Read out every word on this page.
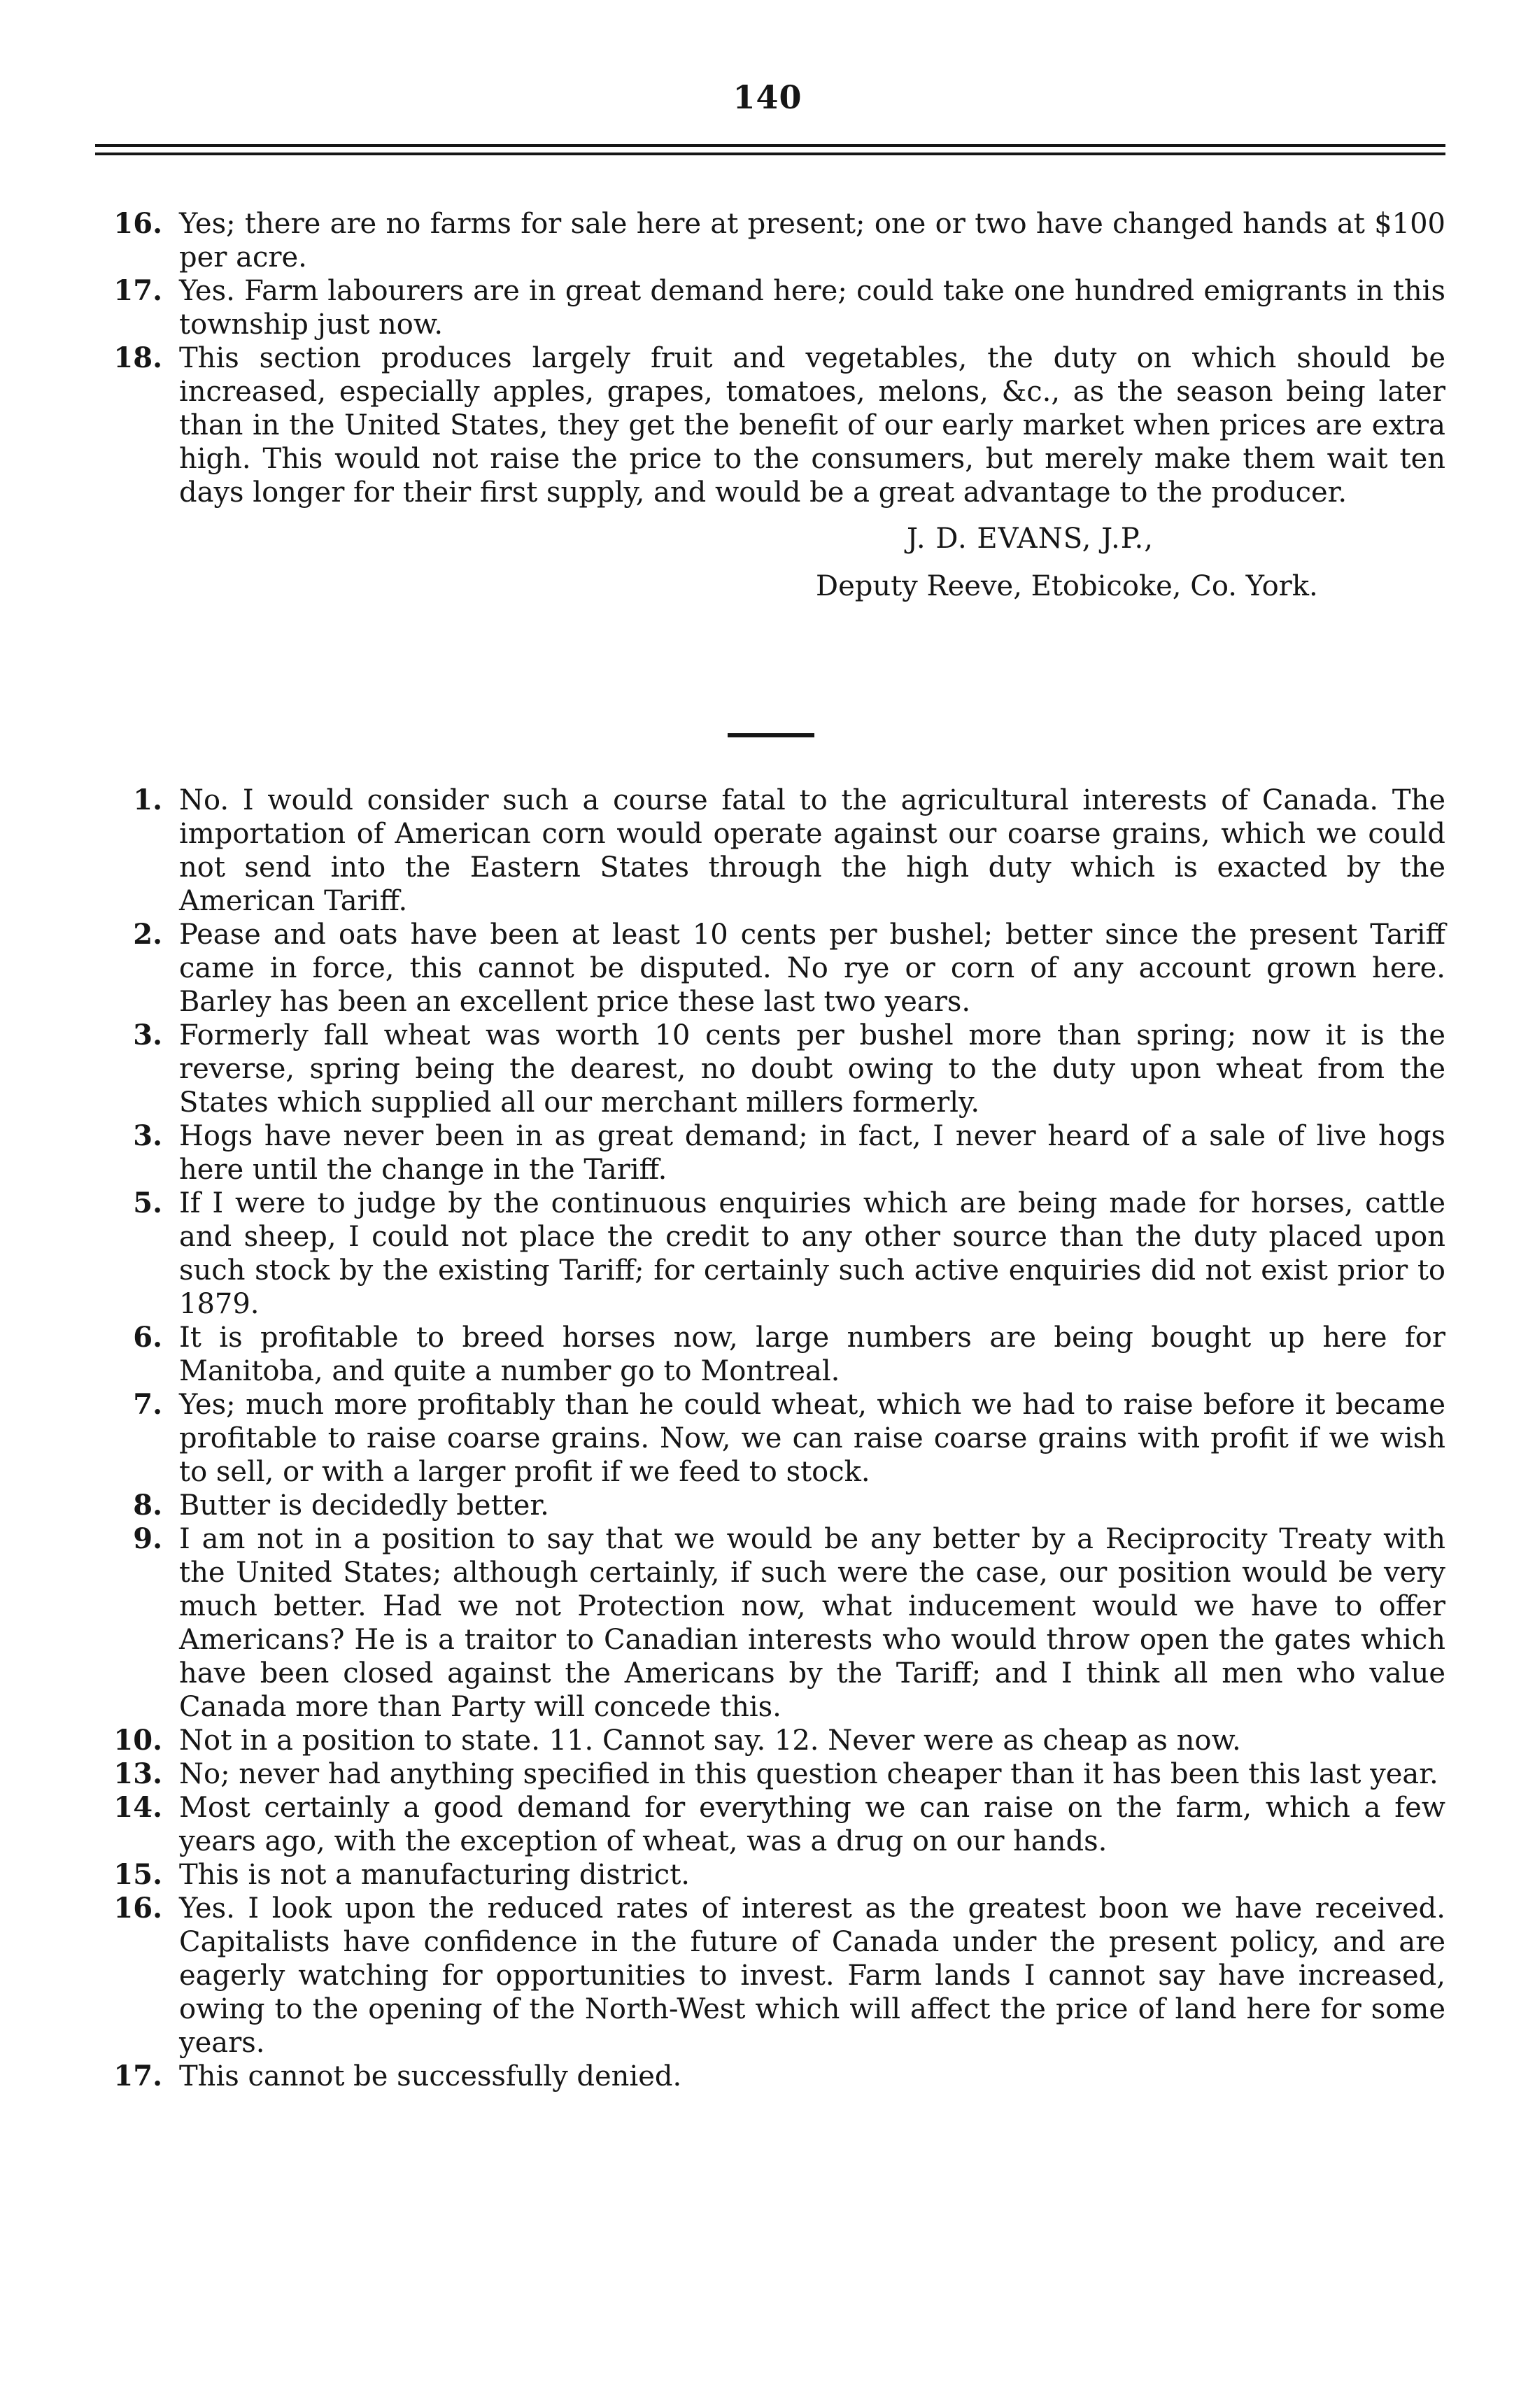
140
16. Yes; there are no farms for sale here at present; one or two have changed hands at $100 per acre.
17. Yes. Farm labourers are in great demand here; could take one hundred emigrants in this township just now.
18. This section produces largely fruit and vegetables, the duty on which should be increased, especially apples, grapes, tomatoes, melons, &c., as the season being later than in the United States, they get the benefit of our early market when prices are extra high. This would not raise the price to the consumers, but merely make them wait ten days longer for their first supply, and would be a great advantage to the producer.
J. D. EVANS, J.P.,
Deputy Reeve, Etobicoke, Co. York.
1. No. I would consider such a course fatal to the agricultural interests of Canada. The importation of American corn would operate against our coarse grains, which we could not send into the Eastern States through the high duty which is exacted by the American Tariff.
2. Pease and oats have been at least 10 cents per bushel; better since the present Tariff came in force, this cannot be disputed. No rye or corn of any account grown here. Barley has been an excellent price these last two years.
3. Formerly fall wheat was worth 10 cents per bushel more than spring; now it is the reverse, spring being the dearest, no doubt owing to the duty upon wheat from the States which supplied all our merchant millers formerly.
3. Hogs have never been in as great demand; in fact, I never heard of a sale of live hogs here until the change in the Tariff.
5. If I were to judge by the continuous enquiries which are being made for horses, cattle and sheep, I could not place the credit to any other source than the duty placed upon such stock by the existing Tariff; for certainly such active enquiries did not exist prior to 1879.
6. It is profitable to breed horses now, large numbers are being bought up here for Manitoba, and quite a number go to Montreal.
7. Yes; much more profitably than he could wheat, which we had to raise before it became profitable to raise coarse grains. Now, we can raise coarse grains with profit if we wish to sell, or with a larger profit if we feed to stock.
8. Butter is decidedly better.
9. I am not in a position to say that we would be any better by a Reciprocity Treaty with the United States; although certainly, if such were the case, our position would be very much better. Had we not Protection now, what inducement would we have to offer Americans? He is a traitor to Canadian interests who would throw open the gates which have been closed against the Americans by the Tariff; and I think all men who value Canada more than Party will concede this.
10. Not in a position to state. 11. Cannot say. 12. Never were as cheap as now.
13. No; never had anything specified in this question cheaper than it has been this last year.
14. Most certainly a good demand for everything we can raise on the farm, which a few years ago, with the exception of wheat, was a drug on our hands.
15. This is not a manufacturing district.
16. Yes. I look upon the reduced rates of interest as the greatest boon we have received. Capitalists have confidence in the future of Canada under the present policy, and are eagerly watching for opportunities to invest. Farm lands I cannot say have increased, owing to the opening of the North-West which will affect the price of land here for some years.
17. This cannot be successfully denied.
